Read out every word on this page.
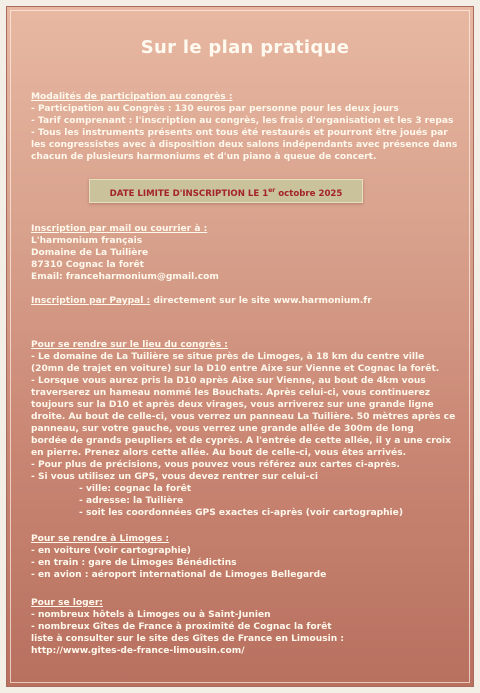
Sur le plan pratique
Modalités de participation au congrès :
- Participation au Congrès : 130 euros par personne pour les deux jours
- Tarif comprenant : l'inscription au congrès, les frais d'organisation et les 3 repas
- Tous les instruments présents ont tous été restaurés et pourront être joués par
les congressistes avec à disposition deux salons indépendants avec présence dans
chacun de plusieurs harmoniums et d'un piano à queue de concert.
DATE LIMITE D'INSCRIPTION LE 1er octobre 2025
Inscription par mail ou courrier à :
L'harmonium français
Domaine de La Tuilière
87310 Cognac la forêt
Email: franceharmonium@gmail.com
Inscription par Paypal : directement sur le site www.harmonium.fr
Pour se rendre sur le lieu du congrès :
- Le domaine de La Tuilière se situe près de Limoges, à 18 km du centre ville
(20mn de trajet en voiture) sur la D10 entre Aixe sur Vienne et Cognac la forêt.
- Lorsque vous aurez pris la D10 après Aixe sur Vienne, au bout de 4km vous
traverserez un hameau nommé les Bouchats. Après celui-ci, vous continuerez
toujours sur la D10 et après deux virages, vous arriverez sur une grande ligne
droite. Au bout de celle-ci, vous verrez un panneau La Tuilière. 50 mètres après ce
panneau, sur votre gauche, vous verrez une grande allée de 300m de long
bordée de grands peupliers et de cyprès. A l'entrée de cette allée, il y a une croix
en pierre. Prenez alors cette allée. Au bout de celle-ci, vous êtes arrivés.
- Pour plus de précisions, vous pouvez vous référez aux cartes ci-après.
- Si vous utilisez un GPS, vous devez rentrer sur celui-ci
- ville: cognac la forêt
- adresse: la Tuilière
- soit les coordonnées GPS exactes ci-après (voir cartographie)
Pour se rendre à Limoges :
- en voiture (voir cartographie)
- en train : gare de Limoges Bénédictins
- en avion : aéroport international de Limoges Bellegarde
Pour se loger:
- nombreux hôtels à Limoges ou à Saint-Junien
- nombreux Gîtes de France à proximité de Cognac la forêt
liste à consulter sur le site des Gîtes de France en Limousin :
http://www.gites-de-france-limousin.com/
